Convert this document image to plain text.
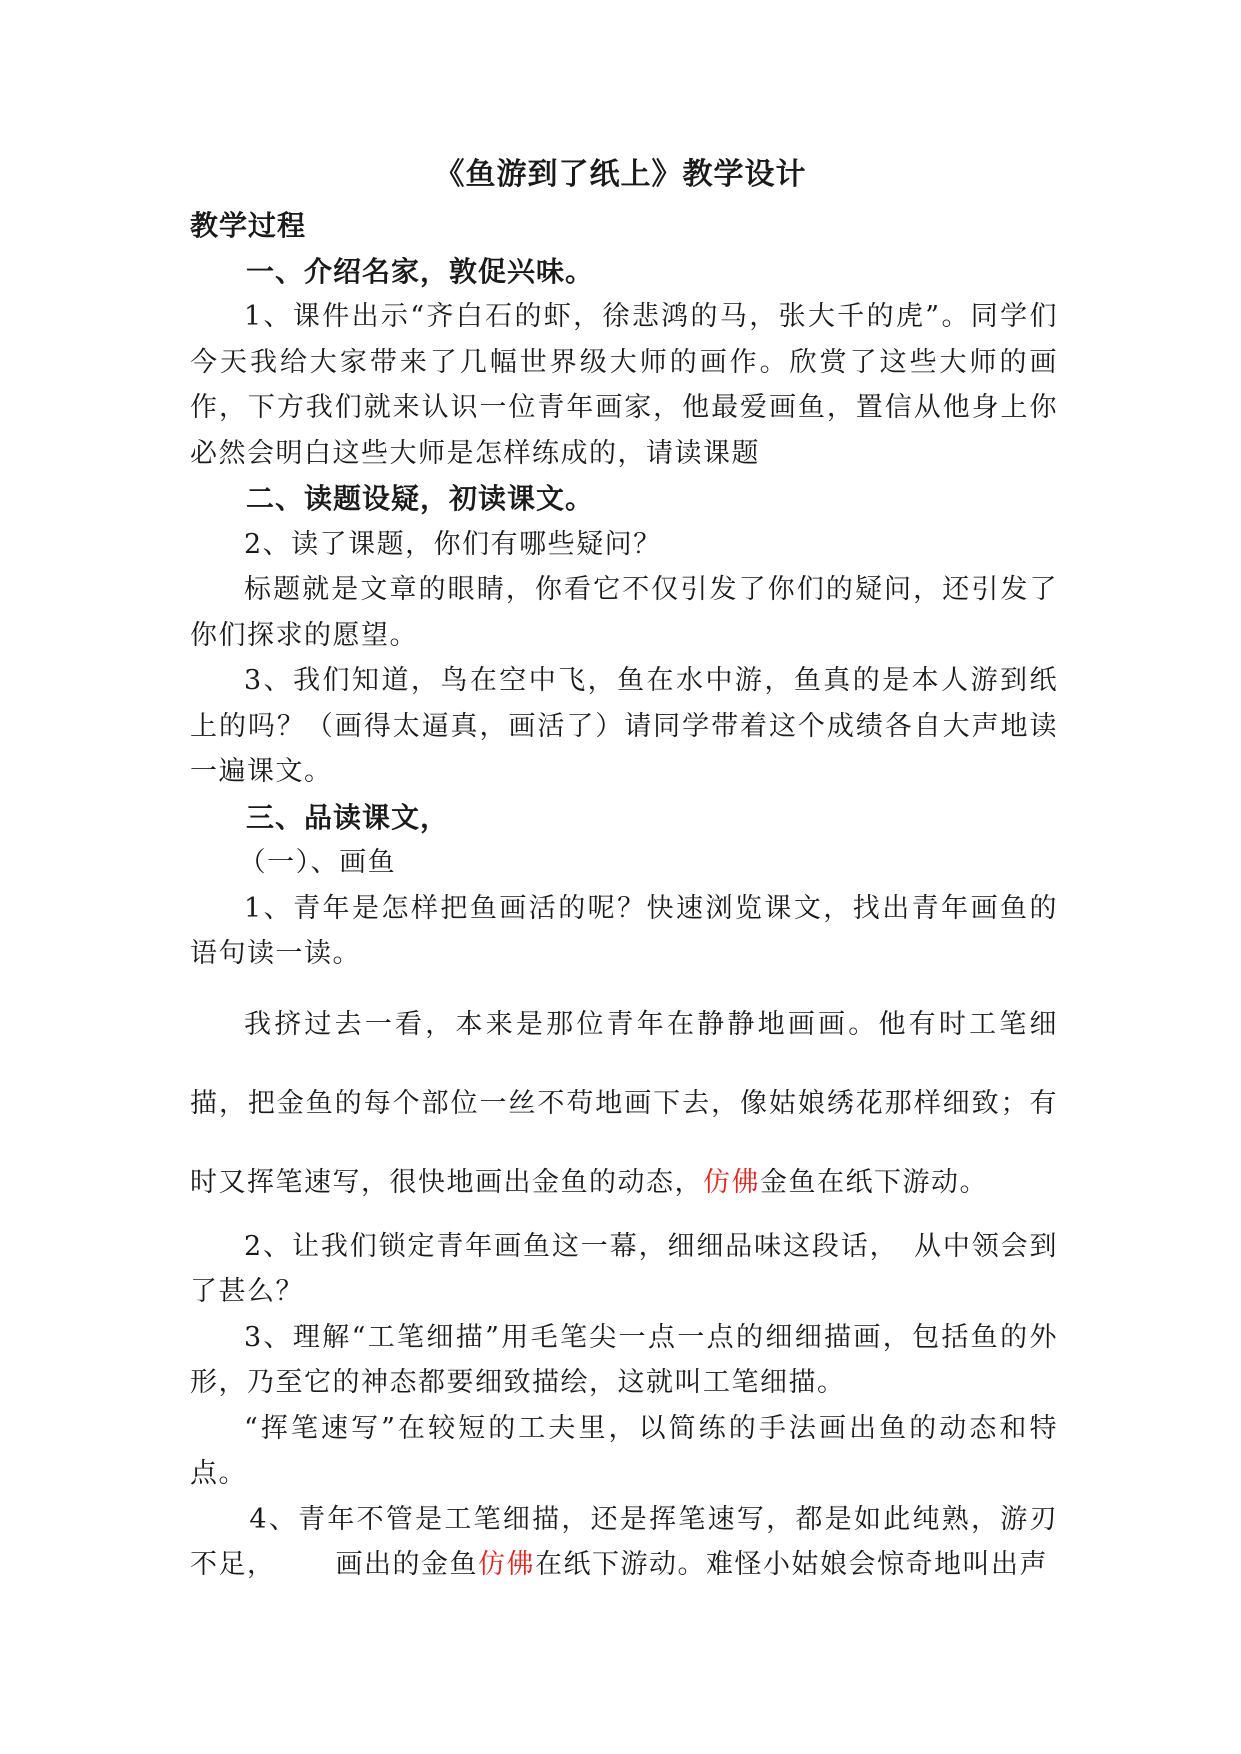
《鱼游到了纸上》教学设计

教学过程

一、介绍名家，敦促兴味。

1、课件出示“齐白石的虾，徐悲鸿的马，张大千的虎”。同学们今天我给大家带来了几幅世界级大师的画作。欣赏了这些大师的画作，下方我们就来认识一位青年画家，他最爱画鱼，置信从他身上你必然会明白这些大师是怎样练成的，请读课题

二、读题设疑，初读课文。

2、读了课题，你们有哪些疑问？

标题就是文章的眼睛，你看它不仅引发了你们的疑问，还引发了你们探求的愿望。

3、我们知道，鸟在空中飞，鱼在水中游，鱼真的是本人游到纸上的吗？（画得太逼真，画活了）请同学带着这个成绩各自大声地读一遍课文。

三、品读课文，

（一）、画鱼

1、青年是怎样把鱼画活的呢？快速浏览课文，找出青年画鱼的语句读一读。

我挤过去一看，本来是那位青年在静静地画画。他有时工笔细描，把金鱼的每个部位一丝不苟地画下去，像姑娘绣花那样细致；有时又挥笔速写，很快地画出金鱼的动态，仿佛金鱼在纸下游动。

2、让我们锁定青年画鱼这一幕，细细品味这段话，　从中领会到了甚么？

3、理解“工笔细描”用毛笔尖一点一点的细细描画，包括鱼的外形，乃至它的神态都要细致描绘，这就叫工笔细描。

“挥笔速写”在较短的工夫里，以简练的手法画出鱼的动态和特点。

4、青年不管是工笔细描，还是挥笔速写，都是如此纯熟，游刃不足， 画出的金鱼仿佛在纸下游动。难怪小姑娘会惊奇地叫出声
